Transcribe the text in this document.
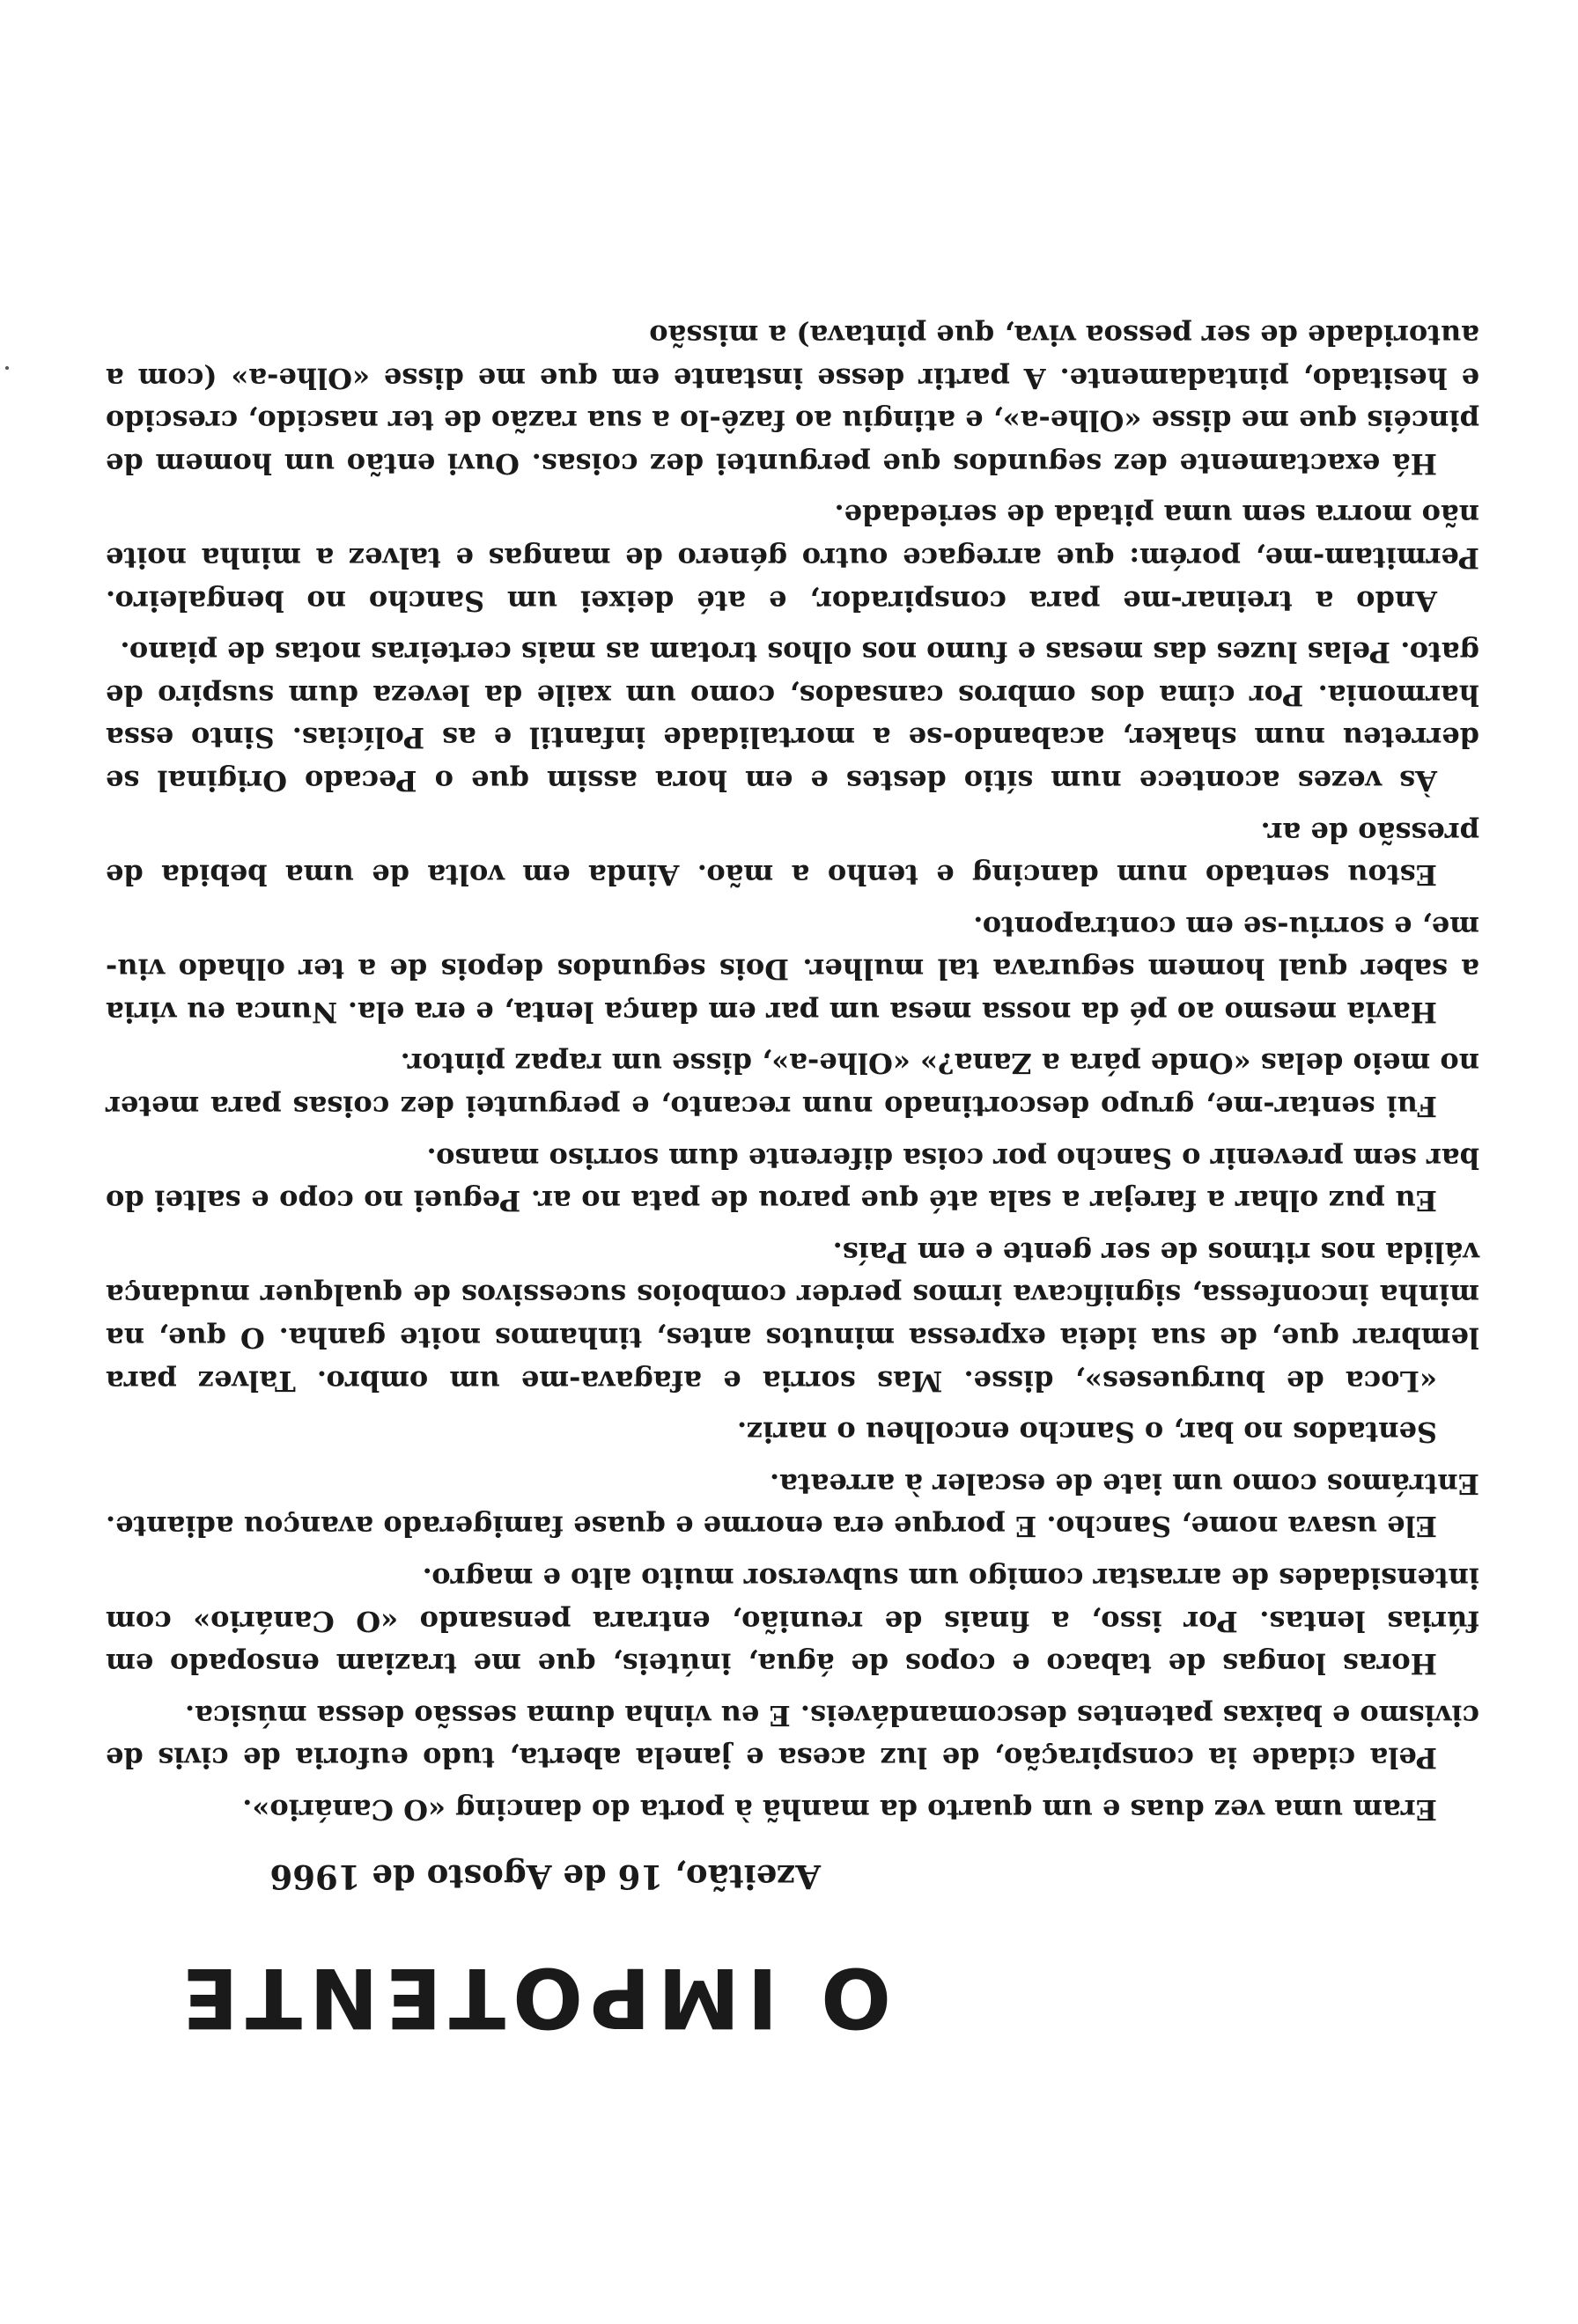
O IMPOTENTE
Azeitão, 16 de Agosto de 1966

Eram uma vez duas e um quarto da manhã à porta do dancing «O Canário».

Pela cidade ia conspiração, de luz acesa e janela aberta, tudo euforia de civis de civismo e baixas patentes descomandáveis. E eu vinha duma sessão dessa música.

Horas longas de tabaco e copos de água, inúteis, que me traziam ensopado em fúrias lentas. Por isso, a finais de reunião, entrara pensando «O Canário» com intensidades de arrastar comigo um subversor muito alto e magro.

Ele usava nome, Sancho. E porque era enorme e quase famigerado avançou adiante. Entrámos como um iate de escaler à arreata.

Sentados no bar, o Sancho encolheu o nariz.

«Loca de burgueses», disse. Mas sorria e afagava-me um ombro. Talvez para lembrar que, de sua ideia expressa minutos antes, tinhamos noite ganha. O que, na minha inconfessa, significava irmos perder comboios sucessivos de qualquer mudança válida nos ritmos de ser gente e em País.

Eu puz olhar a farejar a sala até que parou de pata no ar. Peguei no copo e saltei do bar sem prevenir o Sancho por coisa diferente dum sorriso manso.

Fui sentar-me, grupo descortinado num recanto, e perguntei dez coisas para meter no meio delas «Onde pára a Zana?» «Olhe-a», disse um rapaz pintor.

Havia mesmo ao pé da nossa mesa um par em dança lenta, e era ela. Nunca eu viria a saber qual homem segurava tal mulher. Dois segundos depois de a ter olhado viu-me, e sorriu-se em contraponto.

Estou sentado num dancing e tenho a mão. Ainda em volta de uma bebida de pressão de ar.

Às vezes acontece num sítio destes e em hora assim que o Pecado Original se derreteu num shaker, acabando-se a mortalidade infantil e as Polícias. Sinto essa harmonia. Por cima dos ombros cansados, como um xaile da leveza dum suspiro de gato. Pelas luzes das mesas e fumo nos olhos trotam as mais certeiras notas de piano.

Ando a treinar-me para conspirador, e até deixei um Sancho no bengaleiro. Permitam-me, porém: que arregace outro género de mangas e talvez a minha noite não morra sem uma pitada de seriedade.

Há exactamente dez segundos que perguntei dez coisas. Ouvi então um homem de pincéis que me disse «Olhe-a», e atingiu ao fazê-lo a sua razão de ter nascido, crescido e hesitado, pintadamente. A partir desse instante em que me disse «Olhe-a» (com a autoridade de ser pessoa viva, que pintava) a missão
